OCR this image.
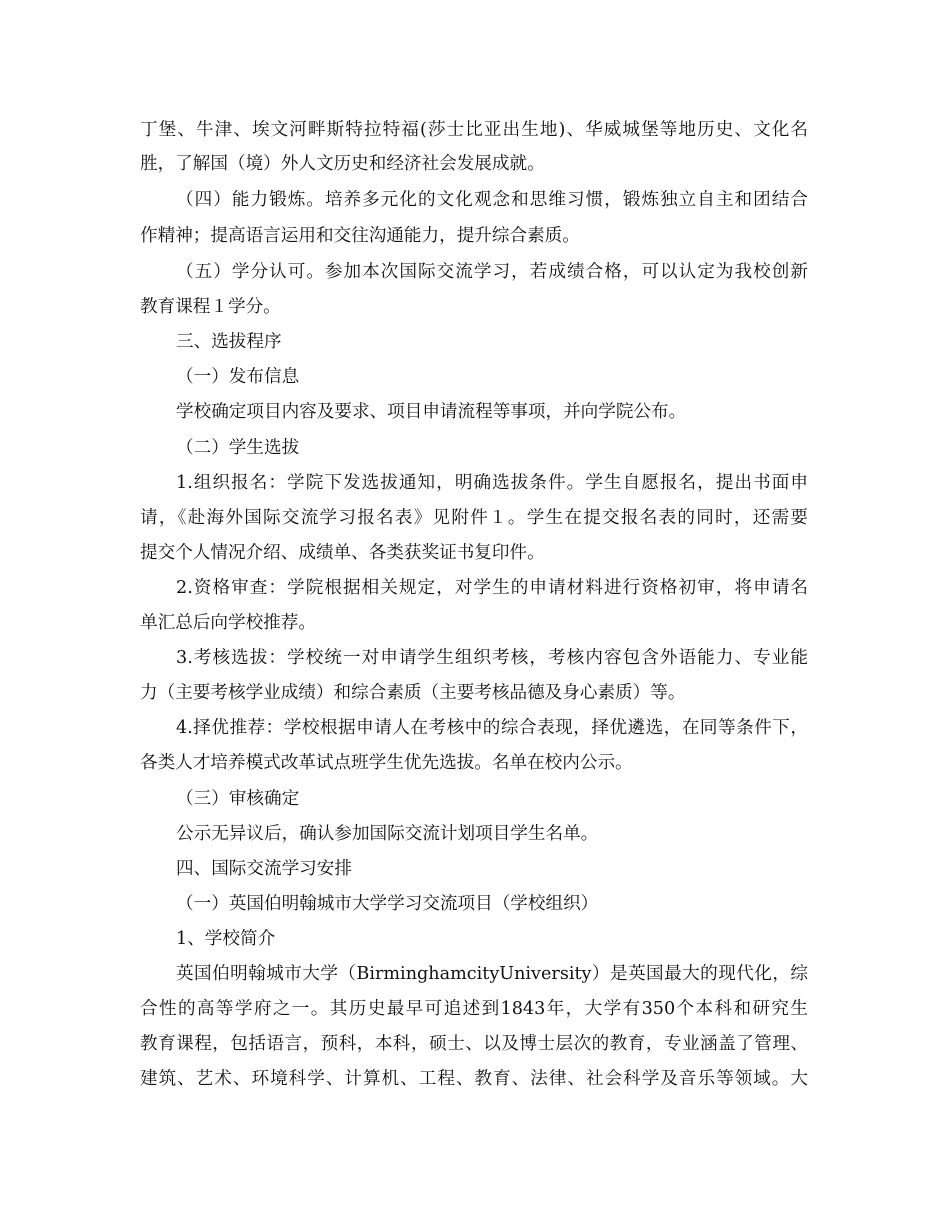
丁堡、牛津、埃文河畔斯特拉特福(莎士比亚出生地)、华威城堡等地历史、文化名
胜，了解国（境）外人文历史和经济社会发展成就。
（四）能力锻炼。培养多元化的文化观念和思维习惯，锻炼独立自主和团结合
作精神；提高语言运用和交往沟通能力，提升综合素质。
（五）学分认可。参加本次国际交流学习，若成绩合格，可以认定为我校创新
教育课程１学分。
三、选拔程序
（一）发布信息
学校确定项目内容及要求、项目申请流程等事项，并向学院公布。
（二）学生选拔
1.组织报名：学院下发选拔通知，明确选拔条件。学生自愿报名，提出书面申
请，《赴海外国际交流学习报名表》见附件１。学生在提交报名表的同时，还需要
提交个人情况介绍、成绩单、各类获奖证书复印件。
2.资格审查：学院根据相关规定，对学生的申请材料进行资格初审，将申请名
单汇总后向学校推荐。
3.考核选拔：学校统一对申请学生组织考核，考核内容包含外语能力、专业能
力（主要考核学业成绩）和综合素质（主要考核品德及身心素质）等。
4.择优推荐：学校根据申请人在考核中的综合表现，择优遴选，在同等条件下，
各类人才培养模式改革试点班学生优先选拔。名单在校内公示。
（三）审核确定
公示无异议后，确认参加国际交流计划项目学生名单。
四、国际交流学习安排
（一）英国伯明翰城市大学学习交流项目（学校组织）
1、学校简介
英国伯明翰城市大学（BirminghamcityUniversity）是英国最大的现代化，综
合性的高等学府之一。其历史最早可追述到1843年，大学有350个本科和研究生
教育课程，包括语言，预科，本科，硕士、以及博士层次的教育，专业涵盖了管理、
建筑、艺术、环境科学、计算机、工程、教育、法律、社会科学及音乐等领域。大
